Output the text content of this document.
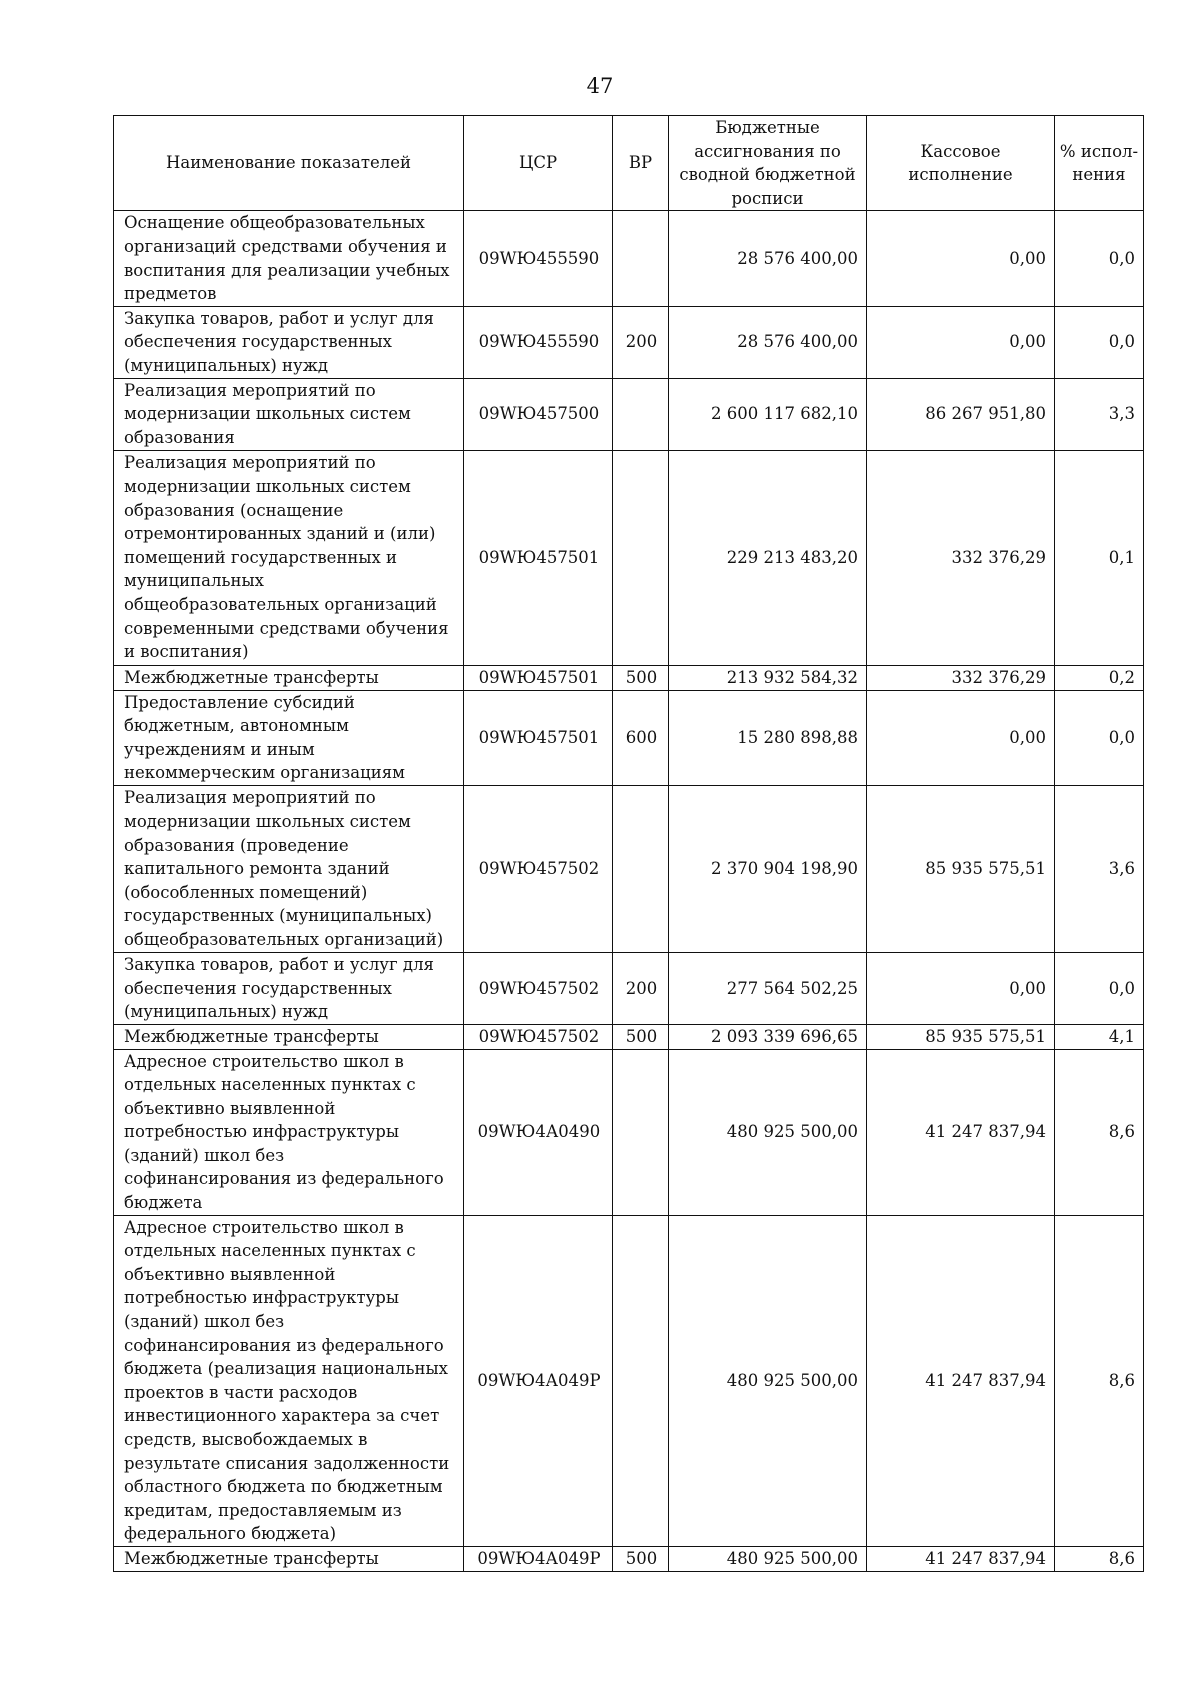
47
Наименование показателей	ЦСР	ВР	Бюджетные ассигнования по сводной бюджетной росписи	Кассовое исполнение	% испол-нения
Оснащение общеобразовательных организаций средствами обучения и воспитания для реализации учебных предметов	09WЮ455590		28 576 400,00	0,00	0,0
Закупка товаров, работ и услуг для обеспечения государственных (муниципальных) нужд	09WЮ455590	200	28 576 400,00	0,00	0,0
Реализация мероприятий по модернизации школьных систем образования	09WЮ457500		2 600 117 682,10	86 267 951,80	3,3
Реализация мероприятий по модернизации школьных систем образования (оснащение отремонтированных зданий и (или) помещений государственных и муниципальных общеобразовательных организаций современными средствами обучения и воспитания)	09WЮ457501		229 213 483,20	332 376,29	0,1
Межбюджетные трансферты	09WЮ457501	500	213 932 584,32	332 376,29	0,2
Предоставление субсидий бюджетным, автономным учреждениям и иным некоммерческим организациям	09WЮ457501	600	15 280 898,88	0,00	0,0
Реализация мероприятий по модернизации школьных систем образования (проведение капитального ремонта зданий (обособленных помещений) государственных (муниципальных) общеобразовательных организаций)	09WЮ457502		2 370 904 198,90	85 935 575,51	3,6
Закупка товаров, работ и услуг для обеспечения государственных (муниципальных) нужд	09WЮ457502	200	277 564 502,25	0,00	0,0
Межбюджетные трансферты	09WЮ457502	500	2 093 339 696,65	85 935 575,51	4,1
Адресное строительство школ в отдельных населенных пунктах с объективно выявленной потребностью инфраструктуры (зданий) школ без софинансирования из федерального бюджета	09WЮ4А0490		480 925 500,00	41 247 837,94	8,6
Адресное строительство школ в отдельных населенных пунктах с объективно выявленной потребностью инфраструктуры (зданий) школ без софинансирования из федерального бюджета (реализация национальных проектов в части расходов инвестиционного характера за счет средств, высвобождаемых в результате списания задолженности областного бюджета по бюджетным кредитам, предоставляемым из федерального бюджета)	09WЮ4А049Р		480 925 500,00	41 247 837,94	8,6
Межбюджетные трансферты	09WЮ4А049Р	500	480 925 500,00	41 247 837,94	8,6
